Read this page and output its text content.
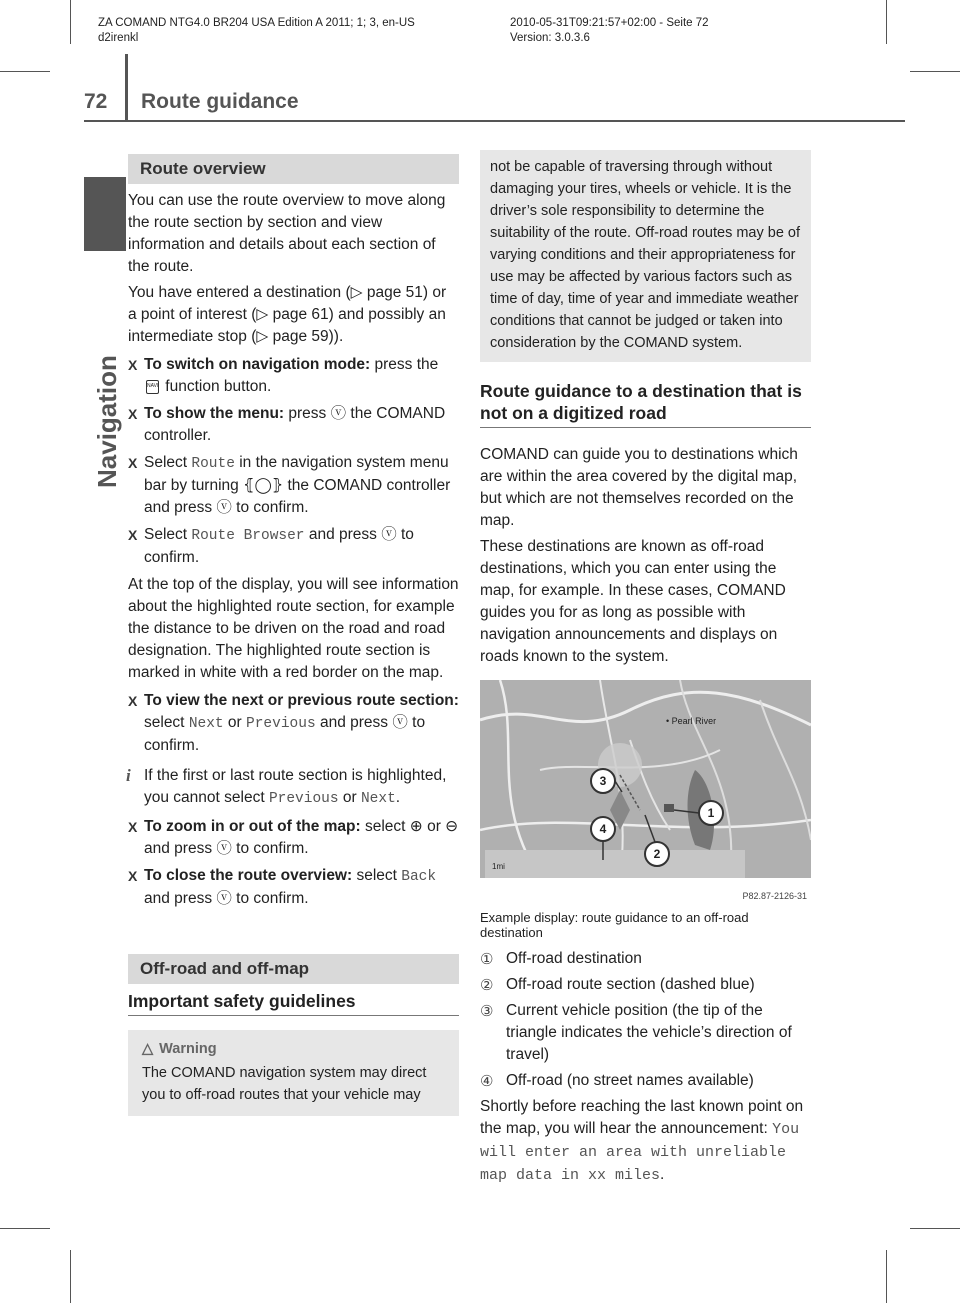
ZA COMAND NTG4.0 BR204 USA Edition A 2011; 1; 3, en-US
d2irenkl
2010-05-31T09:21:57+02:00 - Seite 72
Version: 3.0.3.6
72 Route guidance
Navigation
Route overview

You can use the route overview to move along the route section by section and view information and details about each section of the route.

You have entered a destination (▷ page 51) or a point of interest (▷ page 61) and possibly an intermediate stop (▷ page 59)).

X To switch on navigation mode: press the
NAVI function button.
X To show the menu: press ⓥ the COMAND controller.
X Select Route in the navigation system menu bar by turning ⦃◯⦄ the COMAND controller and press ⓥ to confirm.
X Select Route Browser and press ⓥ to confirm.

At the top of the display, you will see information about the highlighted route section, for example the distance to be driven on the road and road designation. The highlighted route section is marked in white with a red border on the map.

X To view the next or previous route section: select Next or Previous and press ⓥ to confirm.
i If the first or last route section is highlighted, you cannot select Previous or Next.
X To zoom in or out of the map: select ⊕ or ⊖ and press ⓥ to confirm.
X To close the route overview: select Back and press ⓥ to confirm.
Off-road and off-map
Important safety guidelines
△ Warning
The COMAND navigation system may direct you to off-road routes that your vehicle may
not be capable of traversing through without damaging your tires, wheels or vehicle. It is the driver’s sole responsibility to determine the suitability of the route. Off-road routes may be of varying conditions and their appropriateness for use may be affected by various factors such as time of day, time of year and immediate weather conditions that cannot be judged or taken into consideration by the COMAND system.
Route guidance to a destination that is not on a digitized road

COMAND can guide you to destinations which are within the area covered by the digital map, but which are not themselves recorded on the map.

These destinations are known as off-road destinations, which you can enter using the map, for example. In these cases, COMAND guides you for as long as possible with navigation announcements and displays on roads known to the system.

• Pearl River
1mi
3
4
1
2
P82.87-2126-31
Example display: route guidance to an off-road destination
① Off-road destination
② Off-road route section (dashed blue)
③ Current vehicle position (the tip of the triangle indicates the vehicle’s direction of travel)
④ Off-road (no street names available)

Shortly before reaching the last known point on the map, you will hear the announcement: You will enter an area with unreliable map data in xx miles.
